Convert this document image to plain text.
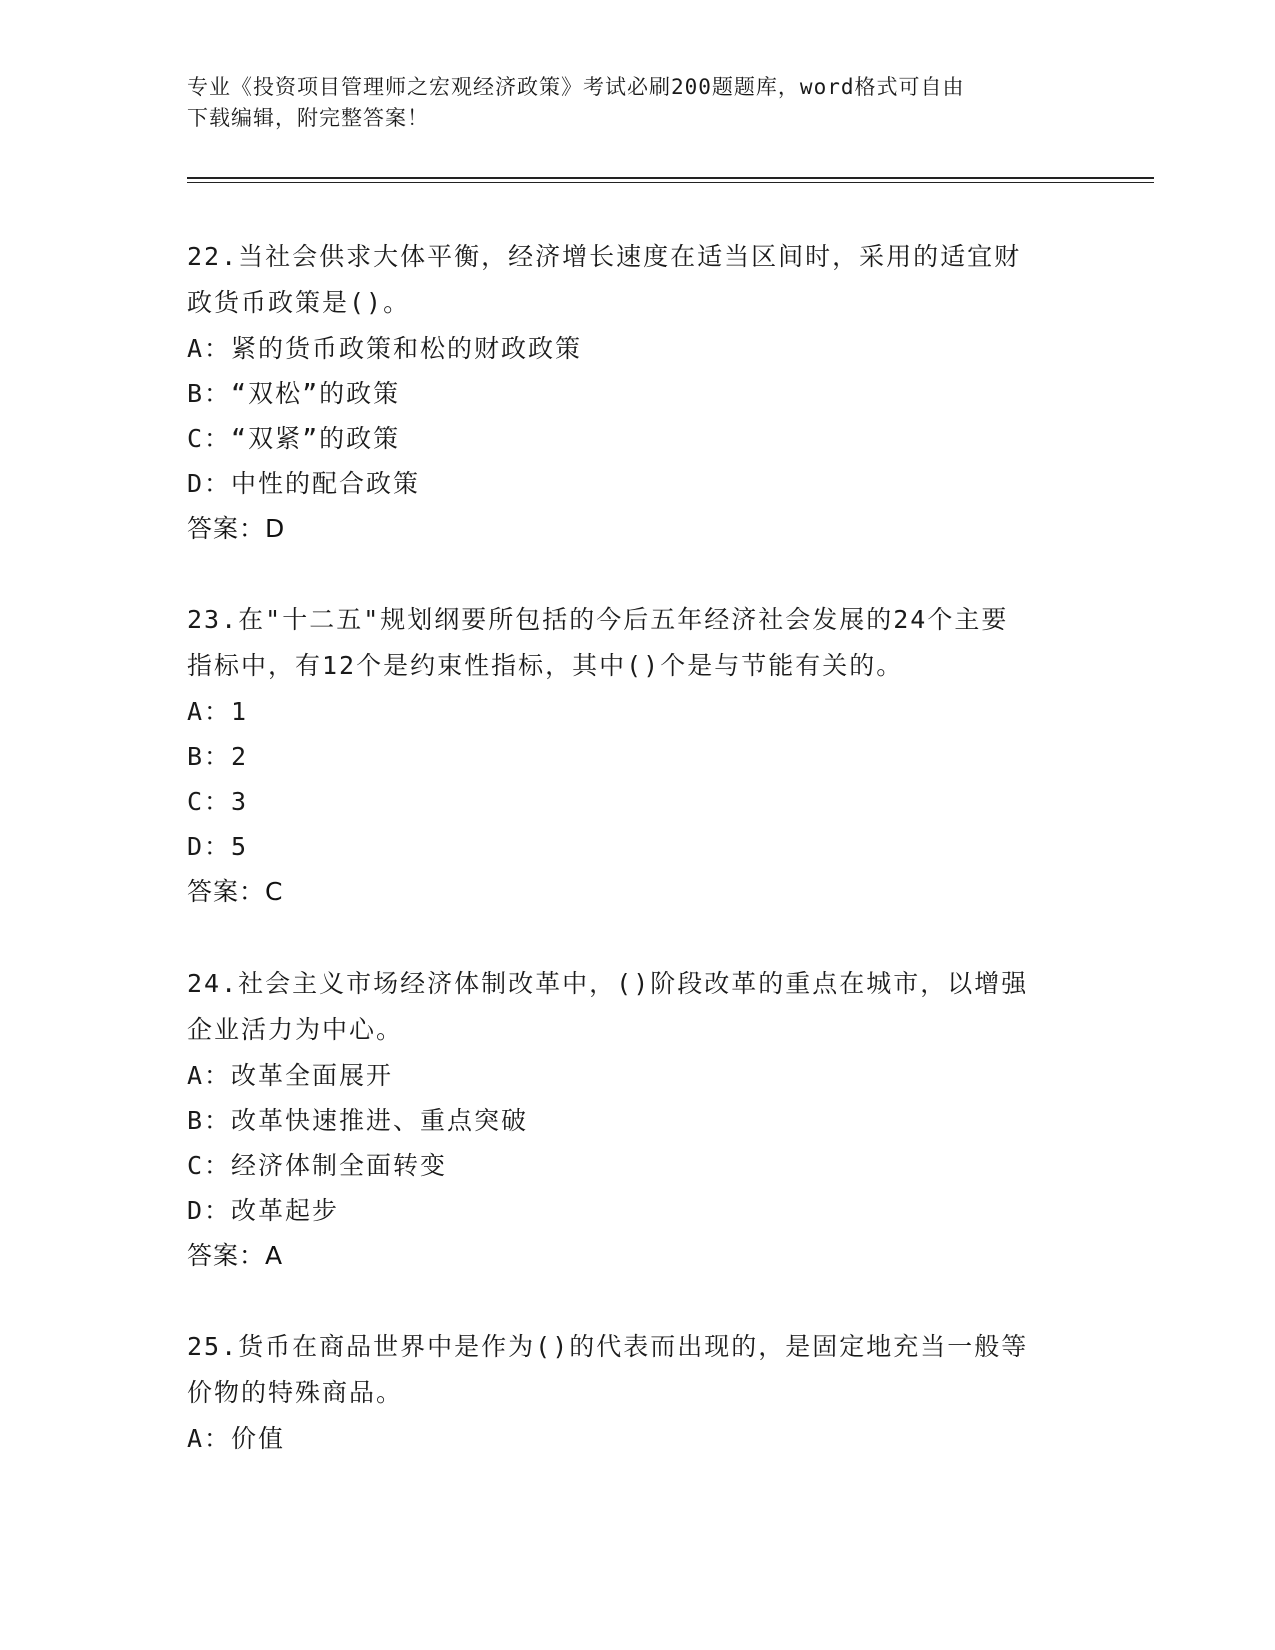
专业《投资项目管理师之宏观经济政策》考试必刷200题题库，word格式可自由
下载编辑，附完整答案！
22.当社会供求大体平衡，经济增长速度在适当区间时，采用的适宜财
政货币政策是()。
A：紧的货币政策和松的财政政策
B：“双松”的政策
C：“双紧”的政策
D：中性的配合政策
答案：D
23.在"十二五"规划纲要所包括的今后五年经济社会发展的24个主要
指标中，有12个是约束性指标，其中()个是与节能有关的。
A：1
B：2
C：3
D：5
答案：C
24.社会主义市场经济体制改革中，()阶段改革的重点在城市，以增强
企业活力为中心。
A：改革全面展开
B：改革快速推进、重点突破
C：经济体制全面转变
D：改革起步
答案：A
25.货币在商品世界中是作为()的代表而出现的，是固定地充当一般等
价物的特殊商品。
A：价值
